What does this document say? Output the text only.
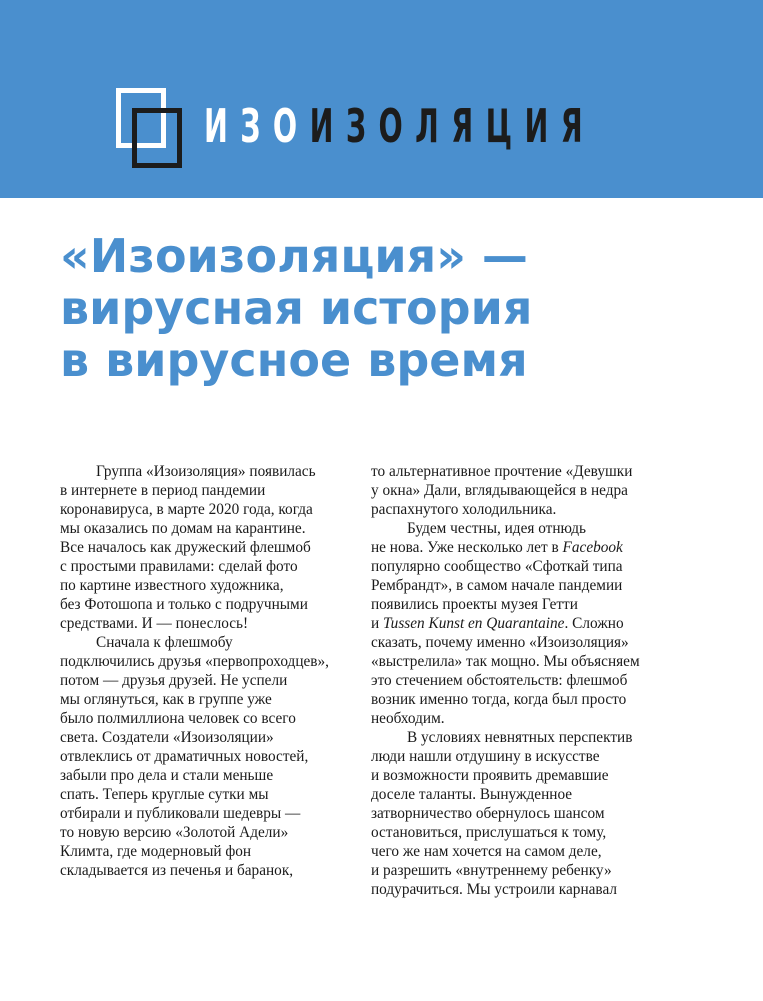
ИЗОИЗОЛЯЦИЯ
«Изоизоляция» —
вирусная история
в вирусное время
Группа «Изоизоляция» появилась
в интернете в период пандемии
коронавируса, в марте 2020 года, когда
мы оказались по домам на карантине.
Все началось как дружеский флешмоб
с простыми правилами: сделай фото
по картине известного художника,
без Фотошопа и только с подручными
средствами. И — понеслось!
Сначала к флешмобу
подключились друзья «первопроходцев»,
потом — друзья друзей. Не успели
мы оглянуться, как в группе уже
было полмиллиона человек со всего
света. Создатели «Изоизоляции»
отвлеклись от драматичных новостей,
забыли про дела и стали меньше
спать. Теперь круглые сутки мы
отбирали и публиковали шедевры —
то новую версию «Золотой Адели»
Климта, где модерновый фон
складывается из печенья и баранок,
то альтернативное прочтение «Девушки
у окна» Дали, вглядывающейся в недра
распахнутого холодильника.
Будем честны, идея отнюдь
не нова. Уже несколько лет в Facebook
популярно сообщество «Сфоткай типа
Рембрандт», в самом начале пандемии
появились проекты музея Гетти
и Tussen Kunst en Quarantaine. Сложно
сказать, почему именно «Изоизоляция»
«выстрелила» так мощно. Мы объясняем
это стечением обстоятельств: флешмоб
возник именно тогда, когда был просто
необходим.
В условиях невнятных перспектив
люди нашли отдушину в искусстве
и возможности проявить дремавшие
доселе таланты. Вынужденное
затворничество обернулось шансом
остановиться, прислушаться к тому,
чего же нам хочется на самом деле,
и разрешить «внутреннему ребенку»
подурачиться. Мы устроили карнавал
